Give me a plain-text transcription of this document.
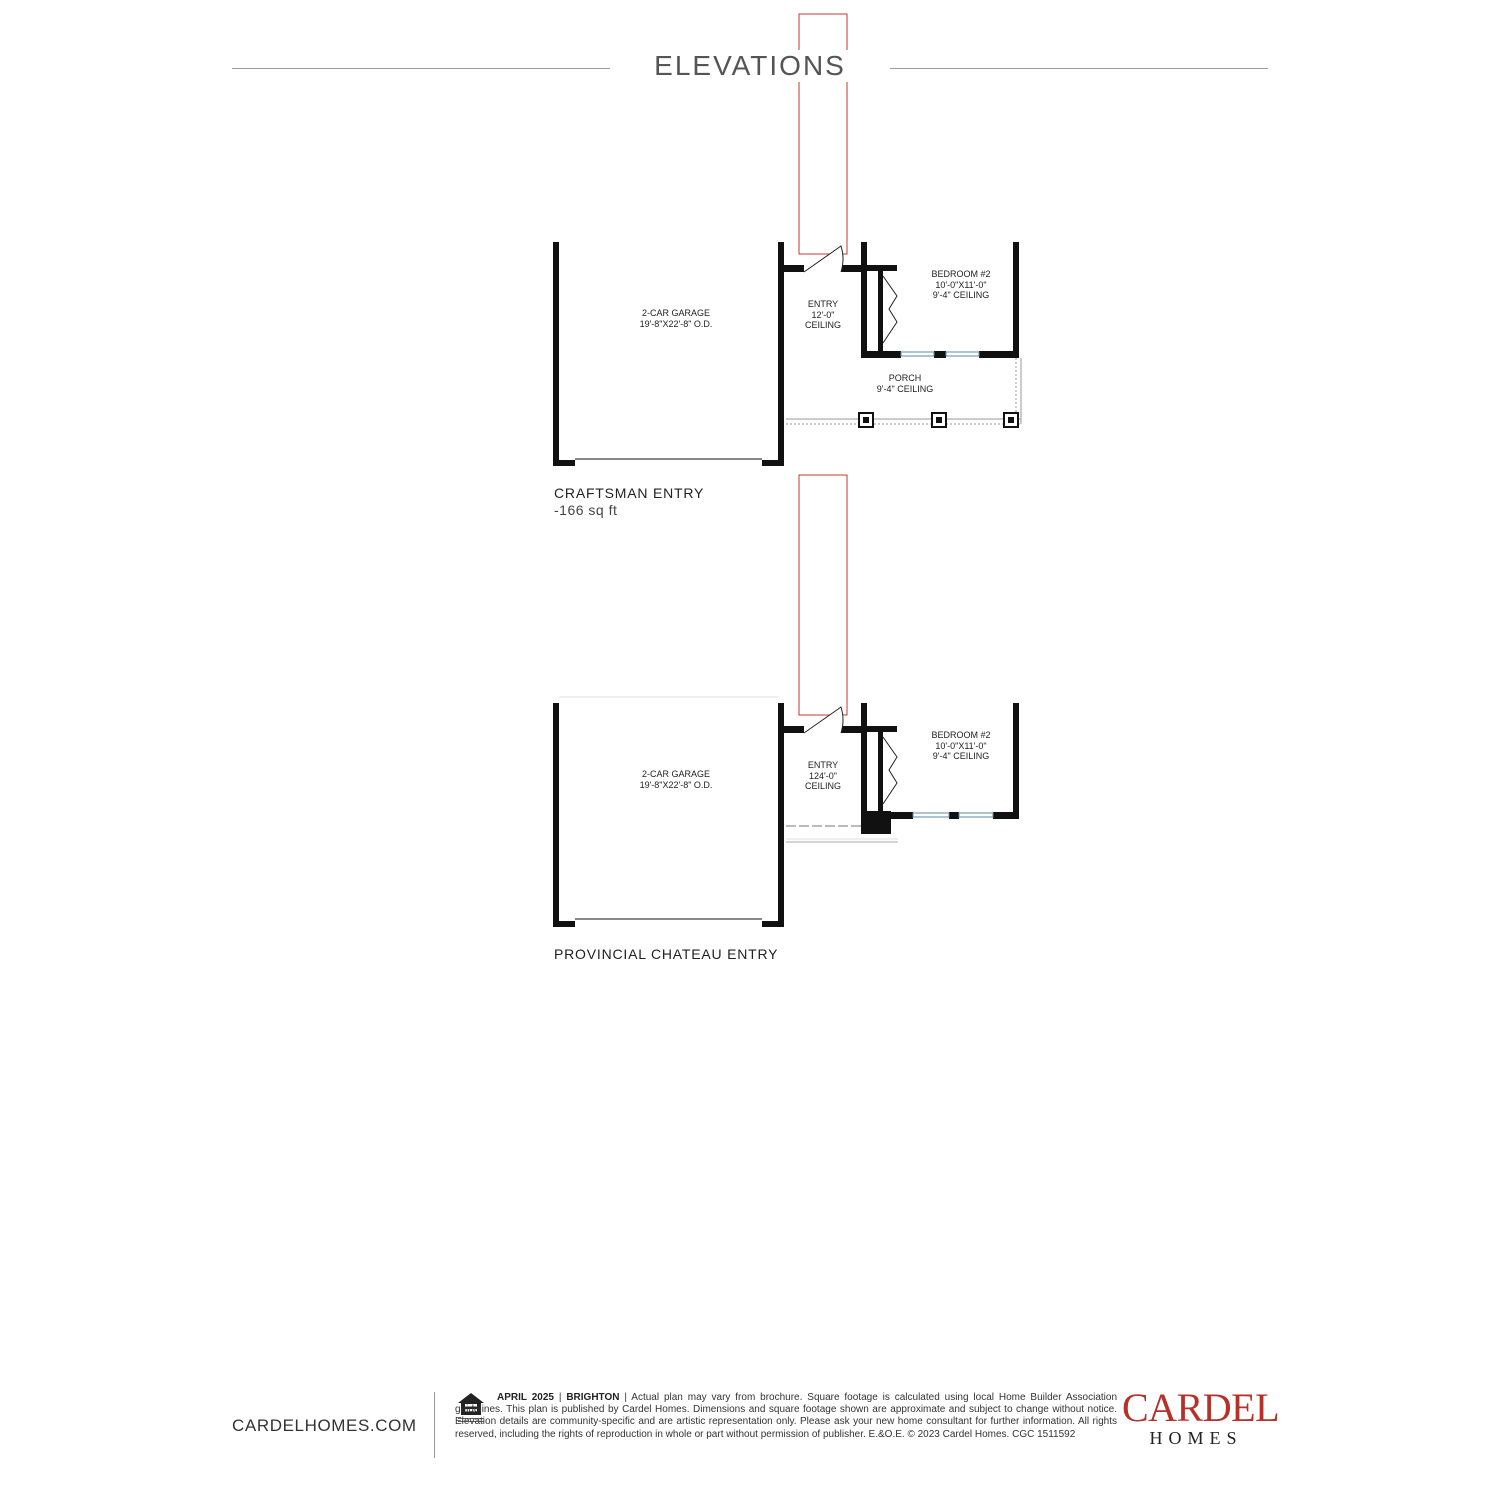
ELEVATIONS
2-CAR GARAGE
19'-8"X22'-8" O.D.
ENTRY
12'-0"
CEILING
BEDROOM #2
10'-0"X11'-0"
9'-4" CEILING
PORCH
9'-4" CEILING
CRAFTSMAN ENTRY
-166 sq ft
2-CAR GARAGE
19'-8"X22'-8" O.D.
ENTRY
124'-0"
CEILING
BEDROOM #2
10'-0"X11'-0"
9'-4" CEILING
PROVINCIAL CHATEAU ENTRY
CARDELHOMES.COM
APRIL 2025 | BRIGHTON | Actual plan may vary from brochure. Square footage is calculated using local Home Builder Association guidelines. This plan is published by Cardel Homes. Dimensions and square footage shown are approximate and subject to change without notice. Elevation details are community-specific and are artistic representation only. Please ask your new home consultant for further information. All rights reserved, including the rights of reproduction in whole or part without permission of publisher. E.&O.E. © 2023 Cardel Homes. CGC 1511592
CARDEL
HOMES
